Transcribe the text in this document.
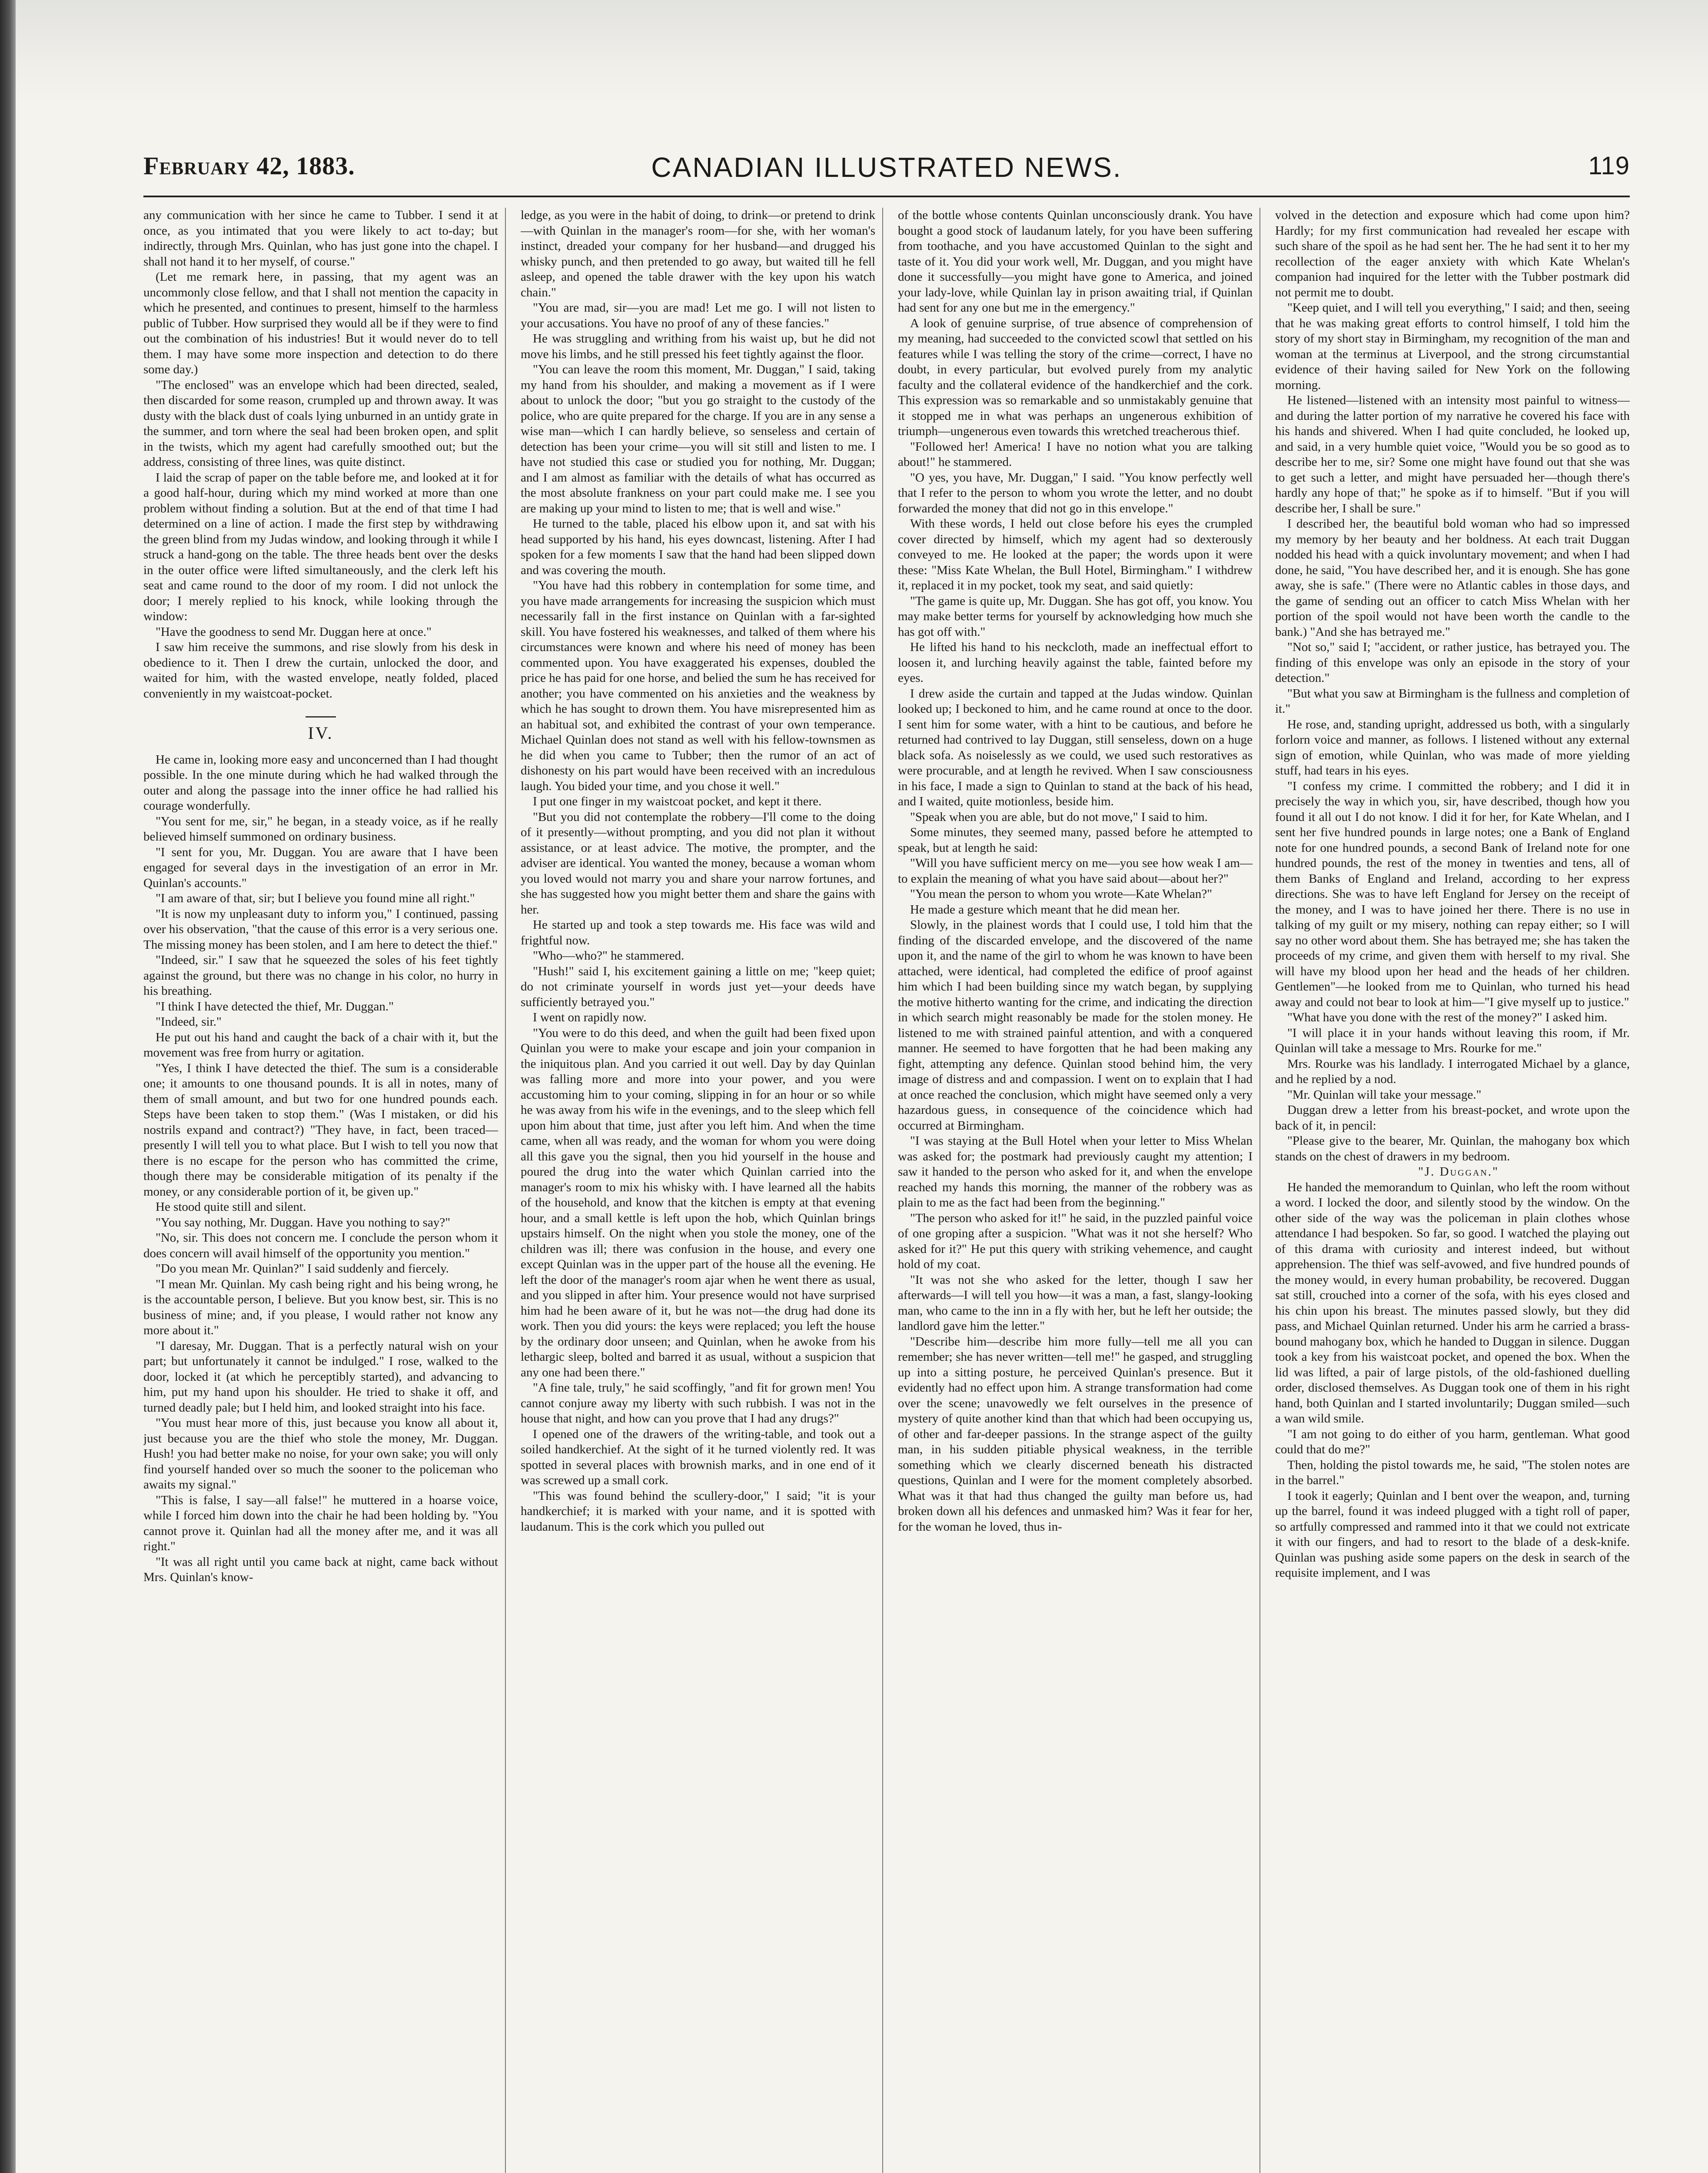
February 42, 1883.	CANADIAN ILLUSTRATED NEWS.	119

any communication with her since he came to Tubber. I send it at once, as you intimated that you were likely to act to-day; but indirectly, through Mrs. Quinlan, who has just gone into the chapel. I shall not hand it to her myself, of course."

(Let me remark here, in passing, that my agent was an uncommonly close fellow, and that I shall not mention the capacity in which he presented, and continues to present, himself to the harmless public of Tubber. How surprised they would all be if they were to find out the combination of his industries! But it would never do to tell them. I may have some more inspection and detection to do there some day.)

"The enclosed" was an envelope which had been directed, sealed, then discarded for some reason, crumpled up and thrown away. It was dusty with the black dust of coals lying unburned in an untidy grate in the summer, and torn where the seal had been broken open, and split in the twists, which my agent had carefully smoothed out; but the address, consisting of three lines, was quite distinct.

I laid the scrap of paper on the table before me, and looked at it for a good half-hour, during which my mind worked at more than one problem without finding a solution. But at the end of that time I had determined on a line of action. I made the first step by withdrawing the green blind from my Judas window, and looking through it while I struck a hand-gong on the table. The three heads bent over the desks in the outer office were lifted simultaneously, and the clerk left his seat and came round to the door of my room. I did not unlock the door; I merely replied to his knock, while looking through the window:

"Have the goodness to send Mr. Duggan here at once."

I saw him receive the summons, and rise slowly from his desk in obedience to it. Then I drew the curtain, unlocked the door, and waited for him, with the wasted envelope, neatly folded, placed conveniently in my waistcoat-pocket.

IV.

He came in, looking more easy and unconcerned than I had thought possible. In the one minute during which he had walked through the outer and along the passage into the inner office he had rallied his courage wonderfully.

"You sent for me, sir," he began, in a steady voice, as if he really believed himself summoned on ordinary business.

"I sent for you, Mr. Duggan. You are aware that I have been engaged for several days in the investigation of an error in Mr. Quinlan's accounts."

"I am aware of that, sir; but I believe you found mine all right."

"It is now my unpleasant duty to inform you," I continued, passing over his observation, "that the cause of this error is a very serious one. The missing money has been stolen, and I am here to detect the thief."

"Indeed, sir." I saw that he squeezed the soles of his feet tightly against the ground, but there was no change in his color, no hurry in his breathing.

"I think I have detected the thief, Mr. Duggan."

"Indeed, sir."

He put out his hand and caught the back of a chair with it, but the movement was free from hurry or agitation.

"Yes, I think I have detected the thief. The sum is a considerable one; it amounts to one thousand pounds. It is all in notes, many of them of small amount, and but two for one hundred pounds each. Steps have been taken to stop them." (Was I mistaken, or did his nostrils expand and contract?) "They have, in fact, been traced—presently I will tell you to what place. But I wish to tell you now that there is no escape for the person who has committed the crime, though there may be considerable mitigation of its penalty if the money, or any considerable portion of it, be given up."

He stood quite still and silent.

"You say nothing, Mr. Duggan. Have you nothing to say?"

"No, sir. This does not concern me. I conclude the person whom it does concern will avail himself of the opportunity you mention."

"Do you mean Mr. Quinlan?" I said suddenly and fiercely.

"I mean Mr. Quinlan. My cash being right and his being wrong, he is the accountable person, I believe. But you know best, sir. This is no business of mine; and, if you please, I would rather not know any more about it."

"I daresay, Mr. Duggan. That is a perfectly natural wish on your part; but unfortunately it cannot be indulged." I rose, walked to the door, locked it (at which he perceptibly started), and advancing to him, put my hand upon his shoulder. He tried to shake it off, and turned deadly pale; but I held him, and looked straight into his face.

"You must hear more of this, just because you know all about it, just because you are the thief who stole the money, Mr. Duggan. Hush! you had better make no noise, for your own sake; you will only find yourself handed over so much the sooner to the policeman who awaits my signal."

"This is false, I say—all false!" he muttered in a hoarse voice, while I forced him down into the chair he had been holding by. "You cannot prove it. Quinlan had all the money after me, and it was all right."

"It was all right until you came back at night, came back without Mrs. Quinlan's know-

ledge, as you were in the habit of doing, to drink—or pretend to drink—with Quinlan in the manager's room—for she, with her woman's instinct, dreaded your company for her husband—and drugged his whisky punch, and then pretended to go away, but waited till he fell asleep, and opened the table drawer with the key upon his watch chain."

"You are mad, sir—you are mad! Let me go. I will not listen to your accusations. You have no proof of any of these fancies."

He was struggling and writhing from his waist up, but he did not move his limbs, and he still pressed his feet tightly against the floor.

"You can leave the room this moment, Mr. Duggan," I said, taking my hand from his shoulder, and making a movement as if I were about to unlock the door; "but you go straight to the custody of the police, who are quite prepared for the charge. If you are in any sense a wise man—which I can hardly believe, so senseless and certain of detection has been your crime—you will sit still and listen to me. I have not studied this case or studied you for nothing, Mr. Duggan; and I am almost as familiar with the details of what has occurred as the most absolute frankness on your part could make me. I see you are making up your mind to listen to me; that is well and wise."

He turned to the table, placed his elbow upon it, and sat with his head supported by his hand, his eyes downcast, listening. After I had spoken for a few moments I saw that the hand had been slipped down and was covering the mouth.

"You have had this robbery in contemplation for some time, and you have made arrangements for increasing the suspicion which must necessarily fall in the first instance on Quinlan with a far-sighted skill. You have fostered his weaknesses, and talked of them where his circumstances were known and where his need of money has been commented upon. You have exaggerated his expenses, doubled the price he has paid for one horse, and belied the sum he has received for another; you have commented on his anxieties and the weakness by which he has sought to drown them. You have misrepresented him as an habitual sot, and exhibited the contrast of your own temperance. Michael Quinlan does not stand as well with his fellow-townsmen as he did when you came to Tubber; then the rumor of an act of dishonesty on his part would have been received with an incredulous laugh. You bided your time, and you chose it well."

I put one finger in my waistcoat pocket, and kept it there.

"But you did not contemplate the robbery—I'll come to the doing of it presently—without prompting, and you did not plan it without assistance, or at least advice. The motive, the prompter, and the adviser are identical. You wanted the money, because a woman whom you loved would not marry you and share your narrow fortunes, and she has suggested how you might better them and share the gains with her.

He started up and took a step towards me. His face was wild and frightful now.

"Who—who?" he stammered.

"Hush!" said I, his excitement gaining a little on me; "keep quiet; do not criminate yourself in words just yet—your deeds have sufficiently betrayed you."

I went on rapidly now.

"You were to do this deed, and when the guilt had been fixed upon Quinlan you were to make your escape and join your companion in the iniquitous plan. And you carried it out well. Day by day Quinlan was falling more and more into your power, and you were accustoming him to your coming, slipping in for an hour or so while he was away from his wife in the evenings, and to the sleep which fell upon him about that time, just after you left him. And when the time came, when all was ready, and the woman for whom you were doing all this gave you the signal, then you hid yourself in the house and poured the drug into the water which Quinlan carried into the manager's room to mix his whisky with. I have learned all the habits of the household, and know that the kitchen is empty at that evening hour, and a small kettle is left upon the hob, which Quinlan brings upstairs himself. On the night when you stole the money, one of the children was ill; there was confusion in the house, and every one except Quinlan was in the upper part of the house all the evening. He left the door of the manager's room ajar when he went there as usual, and you slipped in after him. Your presence would not have surprised him had he been aware of it, but he was not—the drug had done its work. Then you did yours: the keys were replaced; you left the house by the ordinary door unseen; and Quinlan, when he awoke from his lethargic sleep, bolted and barred it as usual, without a suspicion that any one had been there."

"A fine tale, truly," he said scoffingly, "and fit for grown men! You cannot conjure away my liberty with such rubbish. I was not in the house that night, and how can you prove that I had any drugs?"

I opened one of the drawers of the writing-table, and took out a soiled handkerchief. At the sight of it he turned violently red. It was spotted in several places with brownish marks, and in one end of it was screwed up a small cork.

"This was found behind the scullery-door," I said; "it is your handkerchief; it is marked with your name, and it is spotted with laudanum. This is the cork which you pulled out

of the bottle whose contents Quinlan unconsciously drank. You have bought a good stock of laudanum lately, for you have been suffering from toothache, and you have accustomed Quinlan to the sight and taste of it. You did your work well, Mr. Duggan, and you might have done it successfully—you might have gone to America, and joined your lady-love, while Quinlan lay in prison awaiting trial, if Quinlan had sent for any one but me in the emergency."

A look of genuine surprise, of true absence of comprehension of my meaning, had succeeded to the convicted scowl that settled on his features while I was telling the story of the crime—correct, I have no doubt, in every particular, but evolved purely from my analytic faculty and the collateral evidence of the handkerchief and the cork. This expression was so remarkable and so unmistakably genuine that it stopped me in what was perhaps an ungenerous exhibition of triumph—ungenerous even towards this wretched treacherous thief.

"Followed her! America! I have no notion what you are talking about!" he stammered.

"O yes, you have, Mr. Duggan," I said. "You know perfectly well that I refer to the person to whom you wrote the letter, and no doubt forwarded the money that did not go in this envelope."

With these words, I held out close before his eyes the crumpled cover directed by himself, which my agent had so dexterously conveyed to me. He looked at the paper; the words upon it were these: "Miss Kate Whelan, the Bull Hotel, Birmingham." I withdrew it, replaced it in my pocket, took my seat, and said quietly:

"The game is quite up, Mr. Duggan. She has got off, you know. You may make better terms for yourself by acknowledging how much she has got off with."

He lifted his hand to his neckcloth, made an ineffectual effort to loosen it, and lurching heavily against the table, fainted before my eyes.

I drew aside the curtain and tapped at the Judas window. Quinlan looked up; I beckoned to him, and he came round at once to the door. I sent him for some water, with a hint to be cautious, and before he returned had contrived to lay Duggan, still senseless, down on a huge black sofa. As noiselessly as we could, we used such restoratives as were procurable, and at length he revived. When I saw consciousness in his face, I made a sign to Quinlan to stand at the back of his head, and I waited, quite motionless, beside him.

"Speak when you are able, but do not move," I said to him.

Some minutes, they seemed many, passed before he attempted to speak, but at length he said:

"Will you have sufficient mercy on me—you see how weak I am—to explain the meaning of what you have said about—about her?"

"You mean the person to whom you wrote—Kate Whelan?"

He made a gesture which meant that he did mean her.

Slowly, in the plainest words that I could use, I told him that the finding of the discarded envelope, and the discovered of the name upon it, and the name of the girl to whom he was known to have been attached, were identical, had completed the edifice of proof against him which I had been building since my watch began, by supplying the motive hitherto wanting for the crime, and indicating the direction in which search might reasonably be made for the stolen money. He listened to me with strained painful attention, and with a conquered manner. He seemed to have forgotten that he had been making any fight, attempting any defence. Quinlan stood behind him, the very image of distress and and compassion. I went on to explain that I had at once reached the conclusion, which might have seemed only a very hazardous guess, in consequence of the coincidence which had occurred at Birmingham.

"I was staying at the Bull Hotel when your letter to Miss Whelan was asked for; the postmark had previously caught my attention; I saw it handed to the person who asked for it, and when the envelope reached my hands this morning, the manner of the robbery was as plain to me as the fact had been from the beginning."

"The person who asked for it!" he said, in the puzzled painful voice of one groping after a suspicion. "What was it not she herself? Who asked for it?" He put this query with striking vehemence, and caught hold of my coat.

"It was not she who asked for the letter, though I saw her afterwards—I will tell you how—it was a man, a fast, slangy-looking man, who came to the inn in a fly with her, but he left her outside; the landlord gave him the letter."

"Describe him—describe him more fully—tell me all you can remember; she has never written—tell me!" he gasped, and struggling up into a sitting posture, he perceived Quinlan's presence. But it evidently had no effect upon him. A strange transformation had come over the scene; unavowedly we felt ourselves in the presence of mystery of quite another kind than that which had been occupying us, of other and far-deeper passions. In the strange aspect of the guilty man, in his sudden pitiable physical weakness, in the terrible something which we clearly discerned beneath his distracted questions, Quinlan and I were for the moment completely absorbed. What was it that had thus changed the guilty man before us, had broken down all his defences and unmasked him? Was it fear for her, for the woman he loved, thus in-

volved in the detection and exposure which had come upon him? Hardly; for my first communication had revealed her escape with such share of the spoil as he had sent her. The he had sent it to her my recollection of the eager anxiety with which Kate Whelan's companion had inquired for the letter with the Tubber postmark did not permit me to doubt.

"Keep quiet, and I will tell you everything," I said; and then, seeing that he was making great efforts to control himself, I told him the story of my short stay in Birmingham, my recognition of the man and woman at the terminus at Liverpool, and the strong circumstantial evidence of their having sailed for New York on the following morning.

He listened—listened with an intensity most painful to witness—and during the latter portion of my narrative he covered his face with his hands and shivered. When I had quite concluded, he looked up, and said, in a very humble quiet voice, "Would you be so good as to describe her to me, sir? Some one might have found out that she was to get such a letter, and might have persuaded her—though there's hardly any hope of that;" he spoke as if to himself. "But if you will describe her, I shall be sure."

I described her, the beautiful bold woman who had so impressed my memory by her beauty and her boldness. At each trait Duggan nodded his head with a quick involuntary movement; and when I had done, he said, "You have described her, and it is enough. She has gone away, she is safe." (There were no Atlantic cables in those days, and the game of sending out an officer to catch Miss Whelan with her portion of the spoil would not have been worth the candle to the bank.) "And she has betrayed me."

"Not so," said I; "accident, or rather justice, has betrayed you. The finding of this envelope was only an episode in the story of your detection."

"But what you saw at Birmingham is the fullness and completion of it."

He rose, and, standing upright, addressed us both, with a singularly forlorn voice and manner, as follows. I listened without any external sign of emotion, while Quinlan, who was made of more yielding stuff, had tears in his eyes.

"I confess my crime. I committed the robbery; and I did it in precisely the way in which you, sir, have described, though how you found it all out I do not know. I did it for her, for Kate Whelan, and I sent her five hundred pounds in large notes; one a Bank of England note for one hundred pounds, a second Bank of Ireland note for one hundred pounds, the rest of the money in twenties and tens, all of them Banks of England and Ireland, according to her express directions. She was to have left England for Jersey on the receipt of the money, and I was to have joined her there. There is no use in talking of my guilt or my misery, nothing can repay either; so I will say no other word about them. She has betrayed me; she has taken the proceeds of my crime, and given them with herself to my rival. She will have my blood upon her head and the heads of her children. Gentlemen"—he looked from me to Quinlan, who turned his head away and could not bear to look at him—"I give myself up to justice."

"What have you done with the rest of the money?" I asked him.

"I will place it in your hands without leaving this room, if Mr. Quinlan will take a message to Mrs. Rourke for me."

Mrs. Rourke was his landlady. I interrogated Michael by a glance, and he replied by a nod.

"Mr. Quinlan will take your message."

Duggan drew a letter from his breast-pocket, and wrote upon the back of it, in pencil:

"Please give to the bearer, Mr. Quinlan, the mahogany box which stands on the chest of drawers in my bedroom.

"J. Duggan."

He handed the memorandum to Quinlan, who left the room without a word. I locked the door, and silently stood by the window. On the other side of the way was the policeman in plain clothes whose attendance I had bespoken. So far, so good. I watched the playing out of this drama with curiosity and interest indeed, but without apprehension. The thief was self-avowed, and five hundred pounds of the money would, in every human probability, be recovered. Duggan sat still, crouched into a corner of the sofa, with his eyes closed and his chin upon his breast. The minutes passed slowly, but they did pass, and Michael Quinlan returned. Under his arm he carried a brass-bound mahogany box, which he handed to Duggan in silence. Duggan took a key from his waistcoat pocket, and opened the box. When the lid was lifted, a pair of large pistols, of the old-fashioned duelling order, disclosed themselves. As Duggan took one of them in his right hand, both Quinlan and I started involuntarily; Duggan smiled—such a wan wild smile.

"I am not going to do either of you harm, gentleman. What good could that do me?"

Then, holding the pistol towards me, he said, "The stolen notes are in the barrel."

I took it eagerly; Quinlan and I bent over the weapon, and, turning up the barrel, found it was indeed plugged with a tight roll of paper, so artfully compressed and rammed into it that we could not extricate it with our fingers, and had to resort to the blade of a desk-knife. Quinlan was pushing aside some papers on the desk in search of the requisite implement, and I was
